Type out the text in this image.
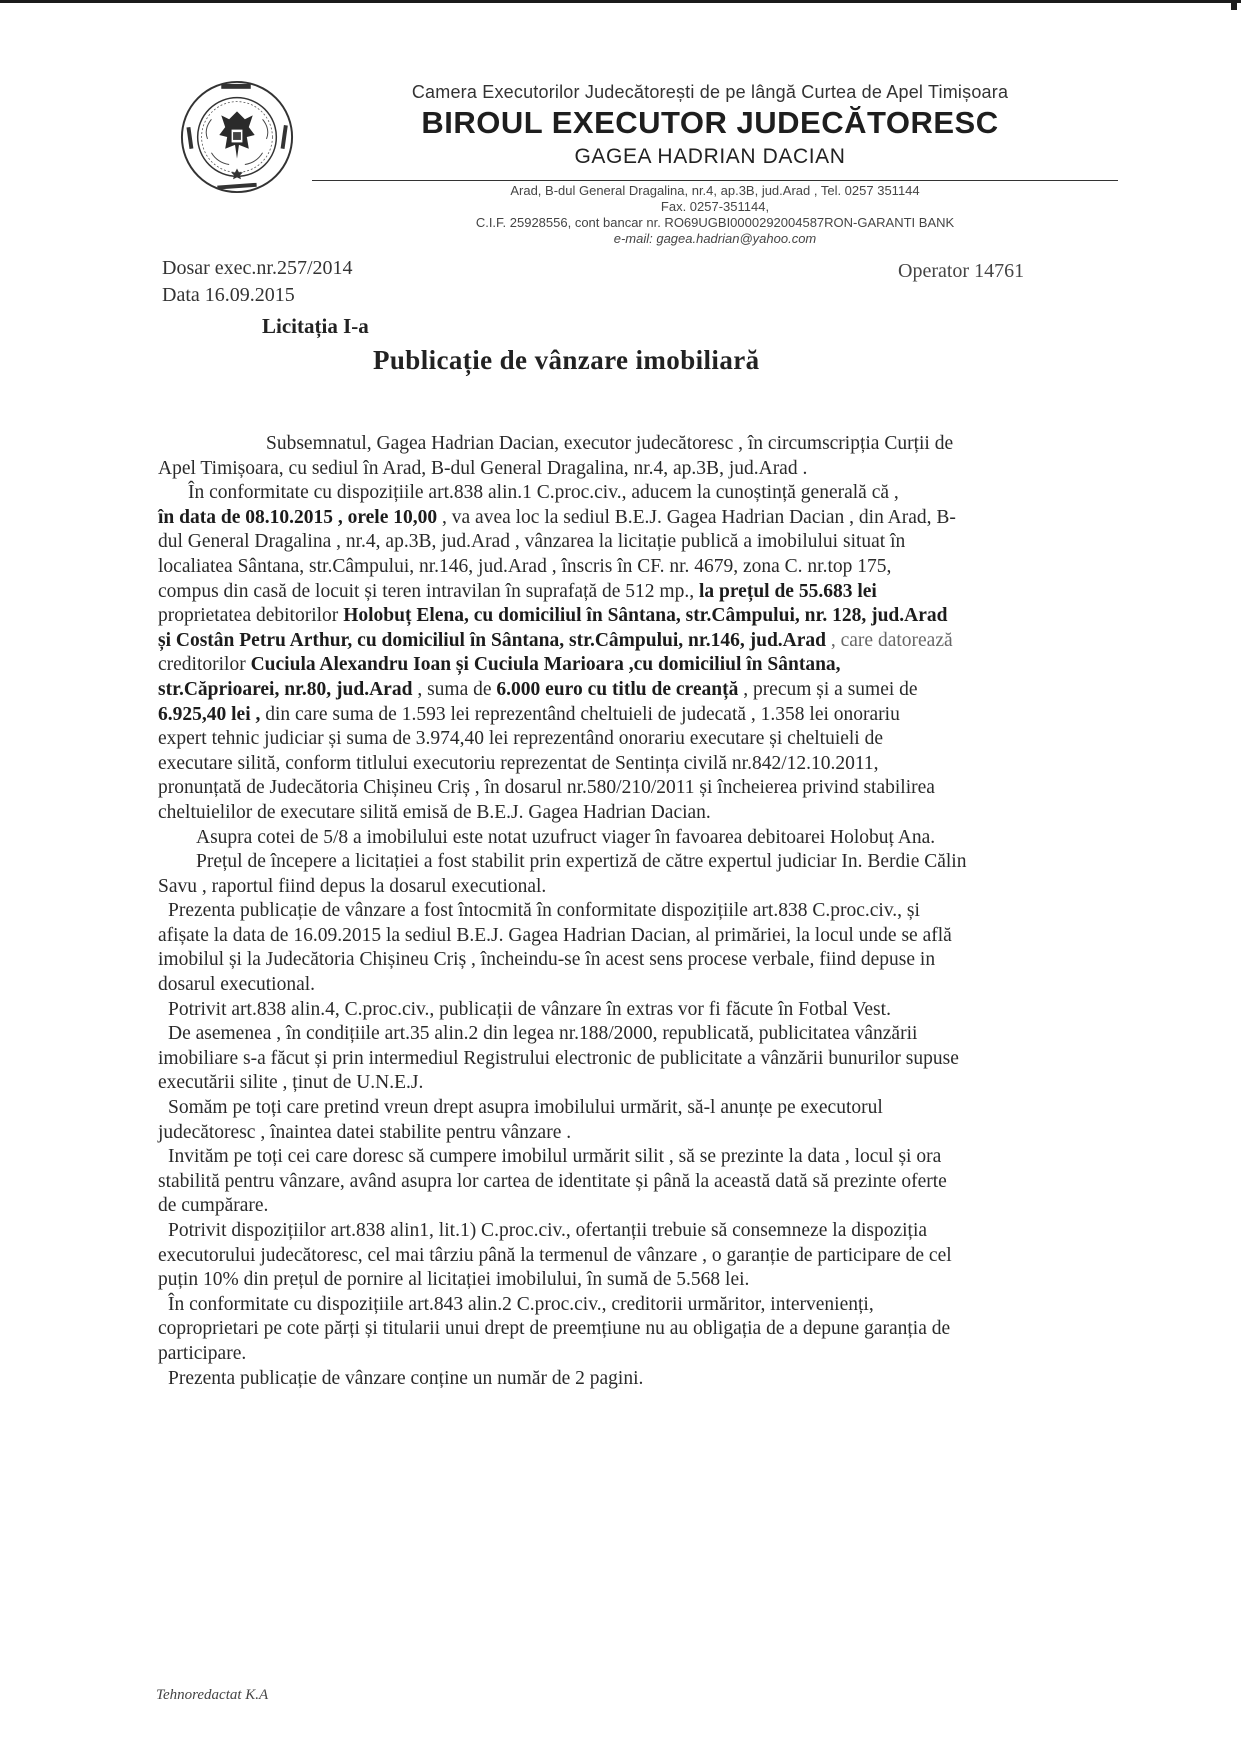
Camera Executorilor Judecătorești de pe lângă Curtea de Apel Timișoara
BIROUL EXECUTOR JUDECĂTORESC
GAGEA HADRIAN DACIAN
Arad, B-dul General Dragalina, nr.4, ap.3B, jud.Arad , Tel. 0257 351144
Fax. 0257-351144,
C.I.F. 25928556, cont bancar nr. RO69UGBI0000292004587RON-GARANTI BANK
e-mail: gagea.hadrian@yahoo.com
Dosar exec.nr.257/2014
Data 16.09.2015
Operator 14761
Licitația I-a
Publicație de vânzare imobiliară

Subsemnatul, Gagea Hadrian Dacian, executor judecătoresc , în circumscripția Curții de

Apel Timișoara, cu sediul în Arad, B-dul General Dragalina, nr.4, ap.3B, jud.Arad .

În conformitate cu dispozițiile art.838 alin.1 C.proc.civ., aducem la cunoștință generală că ,

în data de 08.10.2015 , orele 10,00 , va avea loc la sediul B.E.J. Gagea Hadrian Dacian , din Arad, B-

dul General Dragalina , nr.4, ap.3B, jud.Arad , vânzarea la licitație publică a imobilului situat în

localiatea Sântana, str.Câmpului, nr.146, jud.Arad , înscris în CF. nr. 4679, zona C. nr.top 175,

compus din casă de locuit și teren intravilan în suprafață de 512 mp., la prețul de 55.683 lei

proprietatea debitorilor Holobuț Elena, cu domiciliul în Sântana, str.Câmpului, nr. 128, jud.Arad

și Costân Petru Arthur, cu domiciliul în Sântana, str.Câmpului, nr.146, jud.Arad , care datorează

creditorilor Cuciula Alexandru Ioan și Cuciula Marioara ,cu domiciliul în Sântana,

str.Căprioarei, nr.80, jud.Arad , suma de 6.000 euro cu titlu de creanță , precum și a sumei de

6.925,40 lei , din care suma de 1.593 lei reprezentând cheltuieli de judecată , 1.358 lei onorariu

expert tehnic judiciar și suma de 3.974,40 lei reprezentând onorariu executare și cheltuieli de

executare silită, conform titlului executoriu reprezentat de Sentința civilă nr.842/12.10.2011,

pronunțată de Judecătoria Chișineu Criș , în dosarul nr.580/210/2011 și încheierea privind stabilirea

cheltuielilor de executare silită emisă de B.E.J. Gagea Hadrian Dacian.

Asupra cotei de 5/8 a imobilului este notat uzufruct viager în favoarea debitoarei Holobuț Ana.

Prețul de începere a licitației a fost stabilit prin expertiză de către expertul judiciar In. Berdie Călin

Savu , raportul fiind depus la dosarul executional.

Prezenta publicație de vânzare a fost întocmită în conformitate dispozițiile art.838 C.proc.civ., și

afișate la data de 16.09.2015 la sediul B.E.J. Gagea Hadrian Dacian, al primăriei, la locul unde se află

imobilul și la Judecătoria Chișineu Criș , încheindu-se în acest sens procese verbale, fiind depuse in

dosarul executional.

Potrivit art.838 alin.4, C.proc.civ., publicații de vânzare în extras vor fi făcute în Fotbal Vest.

De asemenea , în condițiile art.35 alin.2 din legea nr.188/2000, republicată, publicitatea vânzării

imobiliare s-a făcut și prin intermediul Registrului electronic de publicitate a vânzării bunurilor supuse

executării silite , ținut de U.N.E.J.

Somăm pe toți care pretind vreun drept asupra imobilului urmărit, să-l anunțe pe executorul

judecătoresc , înaintea datei stabilite pentru vânzare .

Invităm pe toți cei care doresc să cumpere imobilul urmărit silit , să se prezinte la data , locul și ora

stabilită pentru vânzare, având asupra lor cartea de identitate și până la această dată să prezinte oferte

de cumpărare.

Potrivit dispozițiilor art.838 alin1, lit.1) C.proc.civ., ofertanții trebuie să consemneze la dispoziția

executorului judecătoresc, cel mai târziu până la termenul de vânzare , o garanție de participare de cel

puțin 10% din prețul de pornire al licitației imobilului, în sumă de 5.568 lei.

În conformitate cu dispozițiile art.843 alin.2 C.proc.civ., creditorii urmăritor, intervenienți,

coproprietari pe cote părți și titularii unui drept de preemțiune nu au obligația de a depune garanția de

participare.

Prezenta publicație de vânzare conține un număr de 2 pagini.

Tehnoredactat K.A
